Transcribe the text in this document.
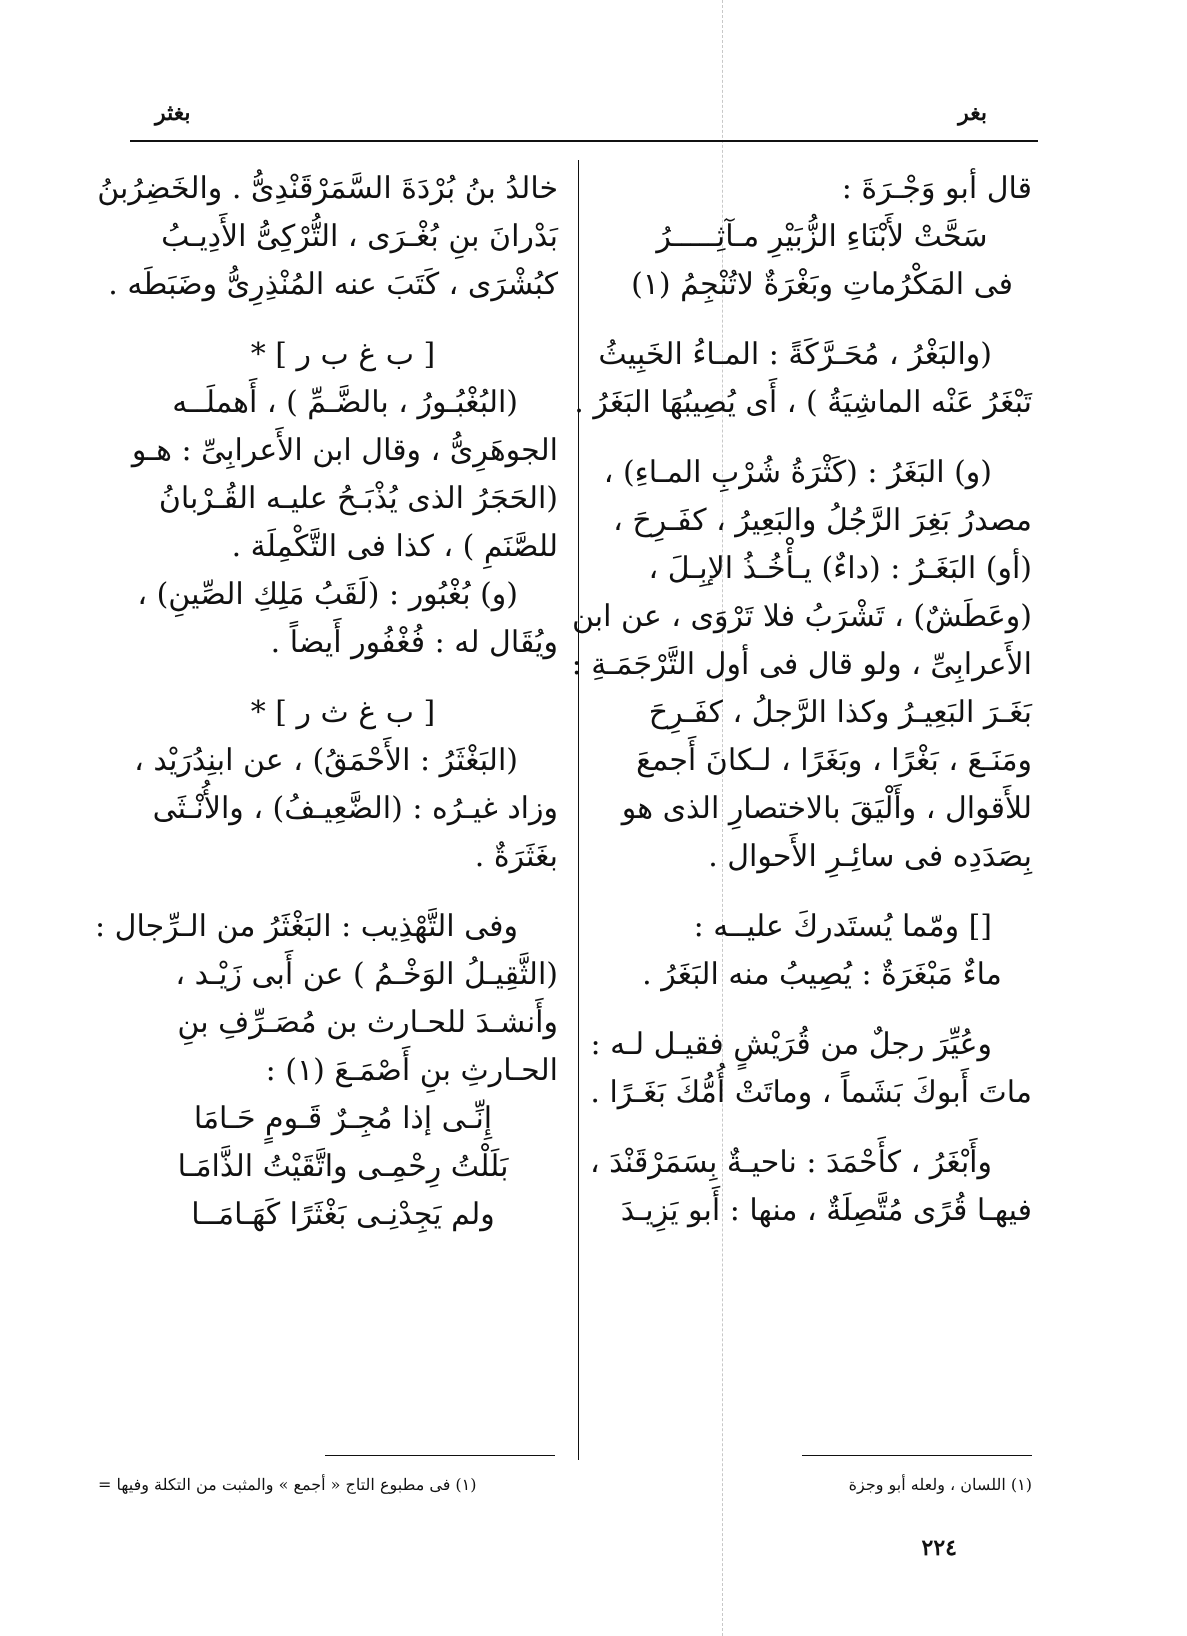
بغر
بغثر
قال أبو وَجْـرَةَ :
سَحَّتْ لأَبْنَاءِ الزُّبَيْرِ مـآثِـــــرُ
فى المَكْرُماتِ وبَغْرَةٌ لاتُنْجِمُ (١)
(والبَغْرُ ، مُحَـرَّكَةً : المـاءُ الخَبِيثُ
تَبْغَرُ عَنْه الماشِيَةُ ) ، أَى يُصِيبُهَا البَغَرُ .
(و) البَغَرُ : (كَثْرَةُ شُرْبِ المـاءِ) ،
مصدرُ بَغِرَ الرَّجُلُ والبَعِيرُ ، كفَـرِحَ ،
(أو) البَغَـرُ : (داءٌ) يـأْخُـذُ الإبِـلَ ،
(وعَطَشٌ) ، تَشْرَبُ فلا تَرْوَى ، عن ابن
الأَعرابِىِّ ، ولو قال فى أول التَّرْجَمَـةِ :
بَغَـرَ البَعِيـرُ وكذا الرَّجلُ ، كفَـرِحَ
ومَنَـعَ ، بَغْرًا ، وبَغَرًا ، لـكانَ أَجمعَ
للأَقوال ، وأَلْيَقَ بالاختصارِ الذى هو
بِصَدَدِه فى سائِـرِ الأَحوال .
[] ومّما يُستَدركَ عليــه :
ماءٌ مَبْغَرَةٌ : يُصِيبُ منه البَغَرُ .
وعُيِّرَ رجلٌ من قُرَيْشٍ فقيـل لـه :
ماتَ أَبوكَ بَشَماً ، وماتَتْ أُمُّكَ بَغَـرًا .
وأَبْغَرُ ، كأَحْمَدَ : ناحيـةٌ بِسَمَرْقَنْدَ ،
فيهـا قُرًى مُتَّصِلَةٌ ، منها : أَبو يَزِيـدَ
خالدُ بنُ بُرْدَةَ السَّمَرْقَنْدِىُّ . والخَضِرُبنُ
بَدْرانَ بنِ بُغْـرَى ، التُّرْكِىُّ الأَدِيـبُ
كبُشْرَى ، كَتَبَ عنه المُنْذِرِىُّ وضَبَطَه .
[ ب غ ب ر ] *
(البُغْبُـورُ ، بالضَّـمِّ ) ، أَهملَــه
الجوهَرِىُّ ، وقال ابن الأَعرابِىِّ : هـو
(الحَجَرُ الذى يُذْبَـحُ عليـه القُـرْبانُ
للصَّنَمِ ) ، كذا فى التَّكْمِلَة .
(و) بُغْبُور : (لَقَبُ مَلِكِ الصِّينِ) ،
ويُقَال له : فُغْفُور أَيضاً .
[ ب غ ث ر ] *
(البَغْثَرُ : الأَحْمَقُ) ، عن ابنِدُرَيْد ،
وزاد غيـرُه : (الضَّعِيـفُ) ، والأُنْـثَى
بغَثَرَةٌ .
وفى التَّهْذِيب : البَغْثَرُ من الـرِّجال :
(الثَّقِيـلُ الوَخْـمُ ) عن أَبى زَيْـد ،
وأَنشـدَ للحـارث بن مُصَـرِّفِ بنِ
الحـارثِ بنِ أَصْمَـعَ (١) :
إِنِّـى إذا مُجِـرٌ قَـومٍ حَـامَا
بَلَلْتُ رِحْمِـى واتَّقَيْتُ الذَّامَـا
ولم يَجِدْنِـى بَغْثَرًا كَهَـامَــا
(١) اللسان ، ولعله أبو وجزة
(١) فى مطبوع التاج « أجمع » والمثبت من التكلة وفيها =
٢٢٤
